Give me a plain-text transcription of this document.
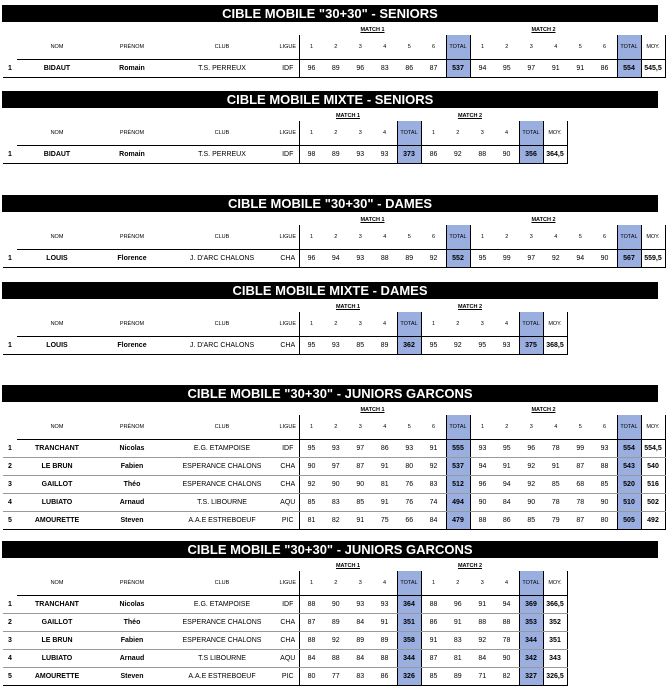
CIBLE MOBILE "30+30" - SENIORS
MATCH 1	MATCH 2
	NOM	PRÉNOM	CLUB	LIGUE	1	2	3	4	5	6	TOTAL	1	2	3	4	5	6	TOTAL	MOY.
1	BIDAUT	Romain	T.S. PERREUX	IDF	96	89	96	83	86	87	537	94	95	97	91	91	86	554	545,5
CIBLE MOBILE MIXTE - SENIORS
MATCH 1	MATCH 2
	NOM	PRÉNOM	CLUB	LIGUE	1	2	3	4	TOTAL	1	2	3	4	TOTAL	MOY.
1	BIDAUT	Romain	T.S. PERREUX	IDF	98	89	93	93	373	86	92	88	90	356	364,5
CIBLE MOBILE "30+30" - DAMES
MATCH 1	MATCH 2
	NOM	PRÉNOM	CLUB	LIGUE	1	2	3	4	5	6	TOTAL	1	2	3	4	5	6	TOTAL	MOY.
1	LOUIS	Florence	J. D'ARC CHALONS	CHA	96	94	93	88	89	92	552	95	99	97	92	94	90	567	559,5
CIBLE MOBILE MIXTE - DAMES
MATCH 1	MATCH 2
	NOM	PRÉNOM	CLUB	LIGUE	1	2	3	4	TOTAL	1	2	3	4	TOTAL	MOY.
1	LOUIS	Florence	J. D'ARC CHALONS	CHA	95	93	85	89	362	95	92	95	93	375	368,5
CIBLE MOBILE "30+30" - JUNIORS GARCONS
MATCH 1	MATCH 2
	NOM	PRÉNOM	CLUB	LIGUE	1	2	3	4	5	6	TOTAL	1	2	3	4	5	6	TOTAL	MOY.
1	TRANCHANT	Nicolas	E.G. ETAMPOISE	IDF	95	93	97	86	93	91	555	93	95	96	78	99	93	554	554,5
2	LE BRUN	Fabien	ESPERANCE CHALONS	CHA	90	97	87	91	80	92	537	94	91	92	91	87	88	543	540
3	GAILLOT	Théo	ESPERANCE CHALONS	CHA	92	90	90	81	76	83	512	96	94	92	85	68	85	520	516
4	LUBIATO	Arnaud	T.S. LIBOURNE	AQU	85	83	85	91	76	74	494	90	84	90	78	78	90	510	502
5	AMOURETTE	Steven	A.A.E ESTREBOEUF	PIC	81	82	91	75	66	84	479	88	86	85	79	87	80	505	492
CIBLE MOBILE "30+30" - JUNIORS GARCONS
MATCH 1	MATCH 2
	NOM	PRÉNOM	CLUB	LIGUE	1	2	3	4	TOTAL	1	2	3	4	TOTAL	MOY.
1	TRANCHANT	Nicolas	E.G. ETAMPOISE	IDF	88	90	93	93	364	88	96	91	94	369	366,5
2	GAILLOT	Théo	ESPERANCE CHALONS	CHA	87	89	84	91	351	86	91	88	88	353	352
3	LE BRUN	Fabien	ESPERANCE CHALONS	CHA	88	92	89	89	358	91	83	92	78	344	351
4	LUBIATO	Arnaud	T.S LIBOURNE	AQU	84	88	84	88	344	87	81	84	90	342	343
5	AMOURETTE	Steven	A.A.E ESTREBOEUF	PIC	80	77	83	86	326	85	89	71	82	327	326,5
